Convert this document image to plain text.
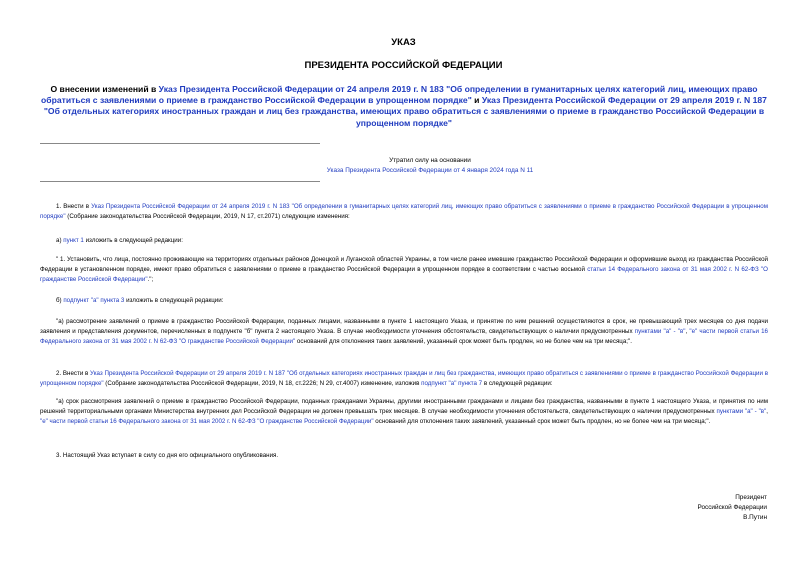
УКАЗ
ПРЕЗИДЕНТА РОССИЙСКОЙ ФЕДЕРАЦИИ
О внесении изменений в Указ Президента Российской Федерации от 24 апреля 2019 г. N 183 "Об определении в гуманитарных целях категорий лиц, имеющих право обратиться с заявлениями о приеме в гражданство Российской Федерации в упрощенном порядке" и Указ Президента Российской Федерации от 29 апреля 2019 г. N 187 "Об отдельных категориях иностранных граждан и лиц без гражданства, имеющих право обратиться с заявлениями о приеме в гражданство Российской Федерации в упрощенном порядке"
Утратил силу на основании
Указа Президента Российской Федерации от 4 января 2024 года N 11
1. Внести в Указ Президента Российской Федерации от 24 апреля 2019 г. N 183 "Об определении в гуманитарных целях категорий лиц, имеющих право обратиться с заявлениями о приеме в гражданство Российской Федерации в упрощенном порядке" (Собрание законодательства Российской Федерации, 2019, N 17, ст.2071) следующие изменения:
а) пункт 1 изложить в следующей редакции:
" 1. Установить, что лица, постоянно проживающие на территориях отдельных районов Донецкой и Луганской областей Украины, в том числе ранее имевшие гражданство Российской Федерации и оформившие выход из гражданства Российской Федерации в установленном порядке, имеют право обратиться с заявлениями о приеме в гражданство Российской Федерации в упрощенном порядке в соответствии с частью восьмой статьи 14 Федерального закона от 31 мая 2002 г. N 62-ФЗ "О гражданстве Российской Федерации".";
б) подпункт "а" пункта 3 изложить в следующей редакции:
"а) рассмотрение заявлений о приеме в гражданство Российской Федерации, поданных лицами, названными в пункте 1 настоящего Указа, и принятие по ним решений осуществляются в срок, не превышающий трех месяцев со дня подачи заявления и представления документов, перечисленных в подпункте "б" пункта 2 настоящего Указа. В случае необходимости уточнения обстоятельств, свидетельствующих о наличии предусмотренных пунктами "а" - "в", "е" части первой статьи 16 Федерального закона от 31 мая 2002 г. N 62-ФЗ "О гражданстве Российской Федерации" оснований для отклонения таких заявлений, указанный срок может быть продлен, но не более чем на три месяца;".
2. Внести в Указ Президента Российской Федерации от 29 апреля 2019 г. N 187 "Об отдельных категориях иностранных граждан и лиц без гражданства, имеющих право обратиться с заявлениями о приеме в гражданство Российской Федерации в упрощенном порядке" (Собрание законодательства Российской Федерации, 2019, N 18, ст.2226; N 29, ст.4007) изменение, изложив подпункт "а" пункта 7 в следующей редакции:
"а) срок рассмотрения заявлений о приеме в гражданство Российской Федерации, поданных гражданами Украины, другими иностранными гражданами и лицами без гражданства, названными в пункте 1 настоящего Указа, и принятия по ним решений территориальными органами Министерства внутренних дел Российской Федерации не должен превышать трех месяцев. В случае необходимости уточнения обстоятельств, свидетельствующих о наличии предусмотренных пунктами "а" - "в", "е" части первой статьи 16 Федерального закона от 31 мая 2002 г. N 62-ФЗ "О гражданстве Российской Федерации" оснований для отклонения таких заявлений, указанный срок может быть продлен, но не более чем на три месяца;".
3. Настоящий Указ вступает в силу со дня его официального опубликования.
Президент
Российской Федерации
В.Путин
